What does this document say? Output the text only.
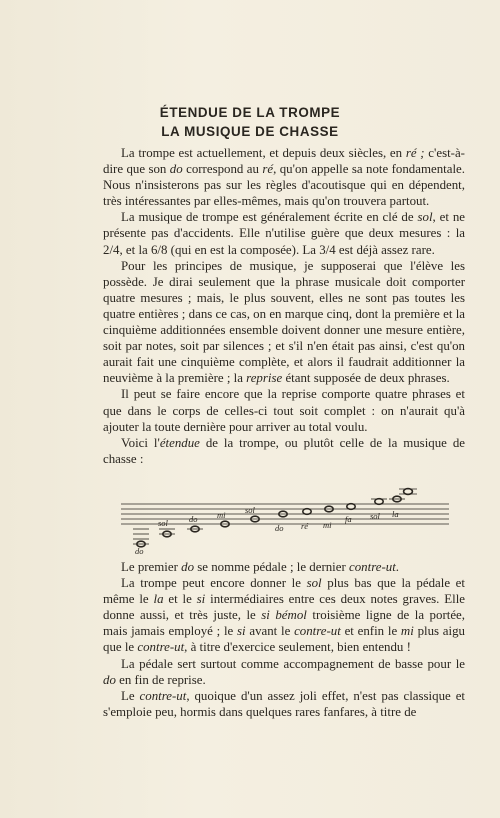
ÉTENDUE DE LA TROMPE
LA MUSIQUE DE CHASSE

La trompe est actuellement, et depuis deux siècles, en ré ; c'est-à-dire que son do correspond au ré, qu'on appelle sa note fondamentale. Nous n'insisterons pas sur les règles d'acoutisque qui en dépendent, très intéressantes par elles-mêmes, mais qu'on trouvera partout.

La musique de trompe est généralement écrite en clé de sol, et ne présente pas d'accidents. Elle n'utilise guère que deux mesures : la 2/4, et la 6/8 (qui en est la composée). La 3/4 est déjà assez rare.

Pour les principes de musique, je supposerai que l'élève les possède. Je dirai seulement que la phrase musicale doit comporter quatre mesures ; mais, le plus souvent, elles ne sont pas toutes les quatre entières ; dans ce cas, on en marque cinq, dont la première et la cinquième additionnées ensemble doivent donner une mesure entière, soit par notes, soit par silences ; et s'il n'en était pas ainsi, c'est qu'on aurait fait une cinquième complète, et alors il faudrait additionner la neuvième à la première ; la reprise étant supposée de deux phrases.

Il peut se faire encore que la reprise comporte quatre phrases et que dans le corps de celles-ci tout soit complet : on n'aurait qu'à ajouter la toute dernière pour arriver au total voulu.

Voici l'étendue de la trompe, ou plutôt celle de la musique de chasse :

do
sol do mi sol
do ré mi
fa sol la

Le premier do se nomme pédale ; le dernier contre-ut.

La trompe peut encore donner le sol plus bas que la pédale et même le la et le si intermédiaires entre ces deux notes graves. Elle donne aussi, et très juste, le si bémol troisième ligne de la portée, mais jamais employé ; le si avant le contre-ut et enfin le mi plus aigu que le contre-ut, à titre d'exercice seulement, bien entendu !

La pédale sert surtout comme accompagnement de basse pour le do en fin de reprise.

Le contre-ut, quoique d'un assez joli effet, n'est pas classique et s'emploie peu, hormis dans quelques rares fanfares, à titre de
